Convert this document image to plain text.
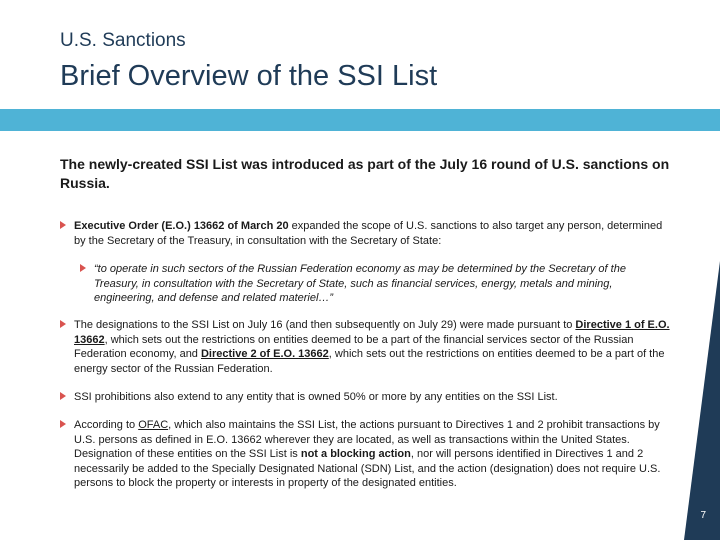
U.S. Sanctions
Brief Overview of the SSI List
The newly-created SSI List was introduced as part of the July 16 round of U.S. sanctions on Russia.
Executive Order (E.O.) 13662 of March 20 expanded the scope of U.S. sanctions to also target any person, determined by the Secretary of the Treasury, in consultation with the Secretary of State:
“to operate in such sectors of the Russian Federation economy as may be determined by the Secretary of the Treasury, in consultation with the Secretary of State, such as financial services, energy, metals and mining, engineering, and defense and related materiel…”
The designations to the SSI List on July 16 (and then subsequently on July 29) were made pursuant to Directive 1 of E.O. 13662, which sets out the restrictions on entities deemed to be a part of the financial services sector of the Russian Federation economy, and Directive 2 of E.O. 13662, which sets out the restrictions on entities deemed to be a part of the energy sector of the Russian Federation.
SSI prohibitions also extend to any entity that is owned 50% or more by any entities on the SSI List.
According to OFAC, which also maintains the SSI List, the actions pursuant to Directives 1 and 2 prohibit transactions by U.S. persons as defined in E.O. 13662 wherever they are located, as well as transactions within the United States. Designation of these entities on the SSI List is not a blocking action, nor will persons identified in Directives 1 and 2 necessarily be added to the Specially Designated National (SDN) List, and the action (designation) does not require U.S. persons to block the property or interests in property of the designated entities.
7
